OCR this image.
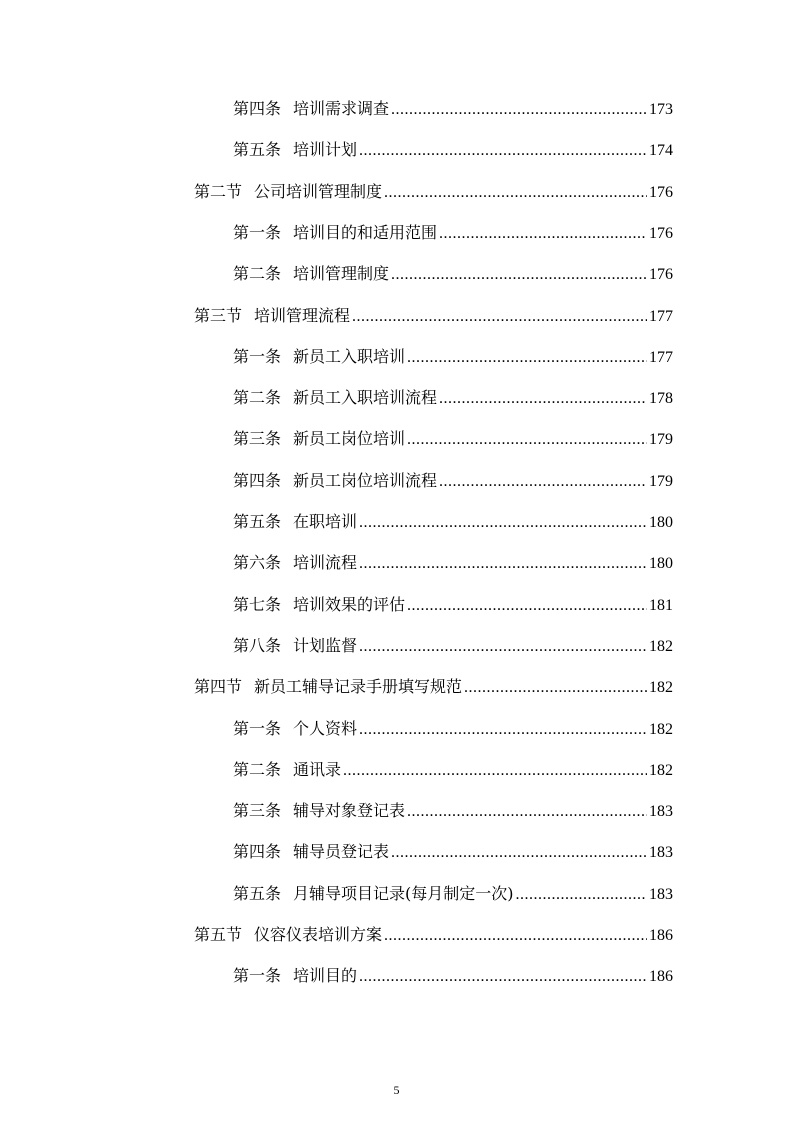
第四条 培训需求调查 .....	173
第五条 培训计划 .....	174
第二节 公司培训管理制度 .....	176
第一条 培训目的和适用范围 .....	176
第二条 培训管理制度 .....	176
第三节 培训管理流程 .....	177
第一条 新员工入职培训 .....	177
第二条 新员工入职培训流程 .....	178
第三条 新员工岗位培训 .....	179
第四条 新员工岗位培训流程 .....	179
第五条 在职培训 .....	180
第六条 培训流程 .....	180
第七条 培训效果的评估 .....	181
第八条 计划监督 .....	182
第四节 新员工辅导记录手册填写规范 .....	182
第一条 个人资料 .....	182
第二条 通讯录 .....	182
第三条 辅导对象登记表 .....	183
第四条 辅导员登记表 .....	183
第五条 月辅导项目记录(每月制定一次) .....	183
第五节 仪容仪表培训方案 .....	186
第一条 培训目的 .....	186
5
